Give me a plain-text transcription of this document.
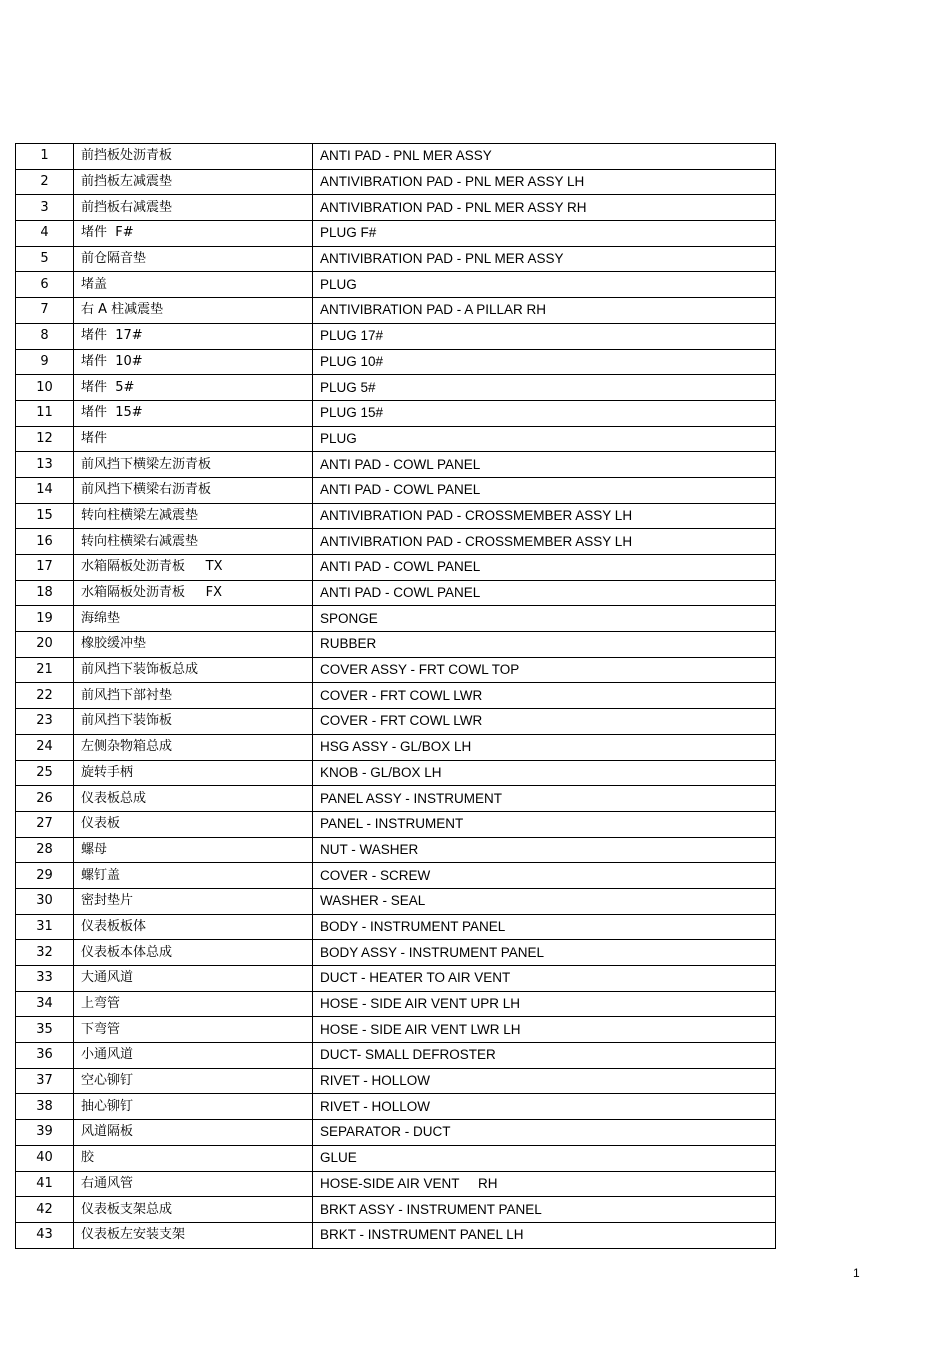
1	前挡板处沥青板	ANTI PAD - PNL MER ASSY
2	前挡板左减震垫	ANTIVIBRATION PAD - PNL MER ASSY LH
3	前挡板右减震垫	ANTIVIBRATION PAD - PNL MER ASSY RH
4	堵件  F#	PLUG F#
5	前仓隔音垫	ANTIVIBRATION PAD - PNL MER ASSY
6	堵盖	PLUG
7	右 A 柱减震垫	ANTIVIBRATION PAD - A PILLAR RH
8	堵件  17#	PLUG 17#
9	堵件  10#	PLUG 10#
10	堵件  5#	PLUG 5#
11	堵件  15#	PLUG 15#
12	堵件	PLUG
13	前风挡下横梁左沥青板	ANTI PAD - COWL PANEL
14	前风挡下横梁右沥青板	ANTI PAD - COWL PANEL
15	转向柱横梁左减震垫	ANTIVIBRATION PAD - CROSSMEMBER ASSY LH
16	转向柱横梁右减震垫	ANTIVIBRATION PAD - CROSSMEMBER ASSY LH
17	水箱隔板处沥青板     TX	ANTI PAD - COWL PANEL
18	水箱隔板处沥青板     FX	ANTI PAD - COWL PANEL
19	海绵垫	SPONGE
20	橡胶缓冲垫	RUBBER
21	前风挡下装饰板总成	COVER ASSY - FRT COWL TOP
22	前风挡下部衬垫	COVER - FRT COWL LWR
23	前风挡下装饰板	COVER - FRT COWL LWR
24	左侧杂物箱总成	HSG ASSY - GL/BOX LH
25	旋转手柄	KNOB - GL/BOX LH
26	仪表板总成	PANEL ASSY - INSTRUMENT
27	仪表板	PANEL - INSTRUMENT
28	螺母	NUT - WASHER
29	螺钉盖	COVER - SCREW
30	密封垫片	WASHER - SEAL
31	仪表板板体	BODY - INSTRUMENT PANEL
32	仪表板本体总成	BODY ASSY - INSTRUMENT PANEL
33	大通风道	DUCT - HEATER TO AIR VENT
34	上弯管	HOSE - SIDE AIR VENT UPR LH
35	下弯管	HOSE - SIDE AIR VENT LWR LH
36	小通风道	DUCT- SMALL DEFROSTER
37	空心铆钉	RIVET - HOLLOW
38	抽心铆钉	RIVET - HOLLOW
39	风道隔板	SEPARATOR - DUCT
40	胶	GLUE
41	右通风管	HOSE-SIDE AIR VENT     RH
42	仪表板支架总成	BRKT ASSY - INSTRUMENT PANEL
43	仪表板左安装支架	BRKT - INSTRUMENT PANEL LH
1
